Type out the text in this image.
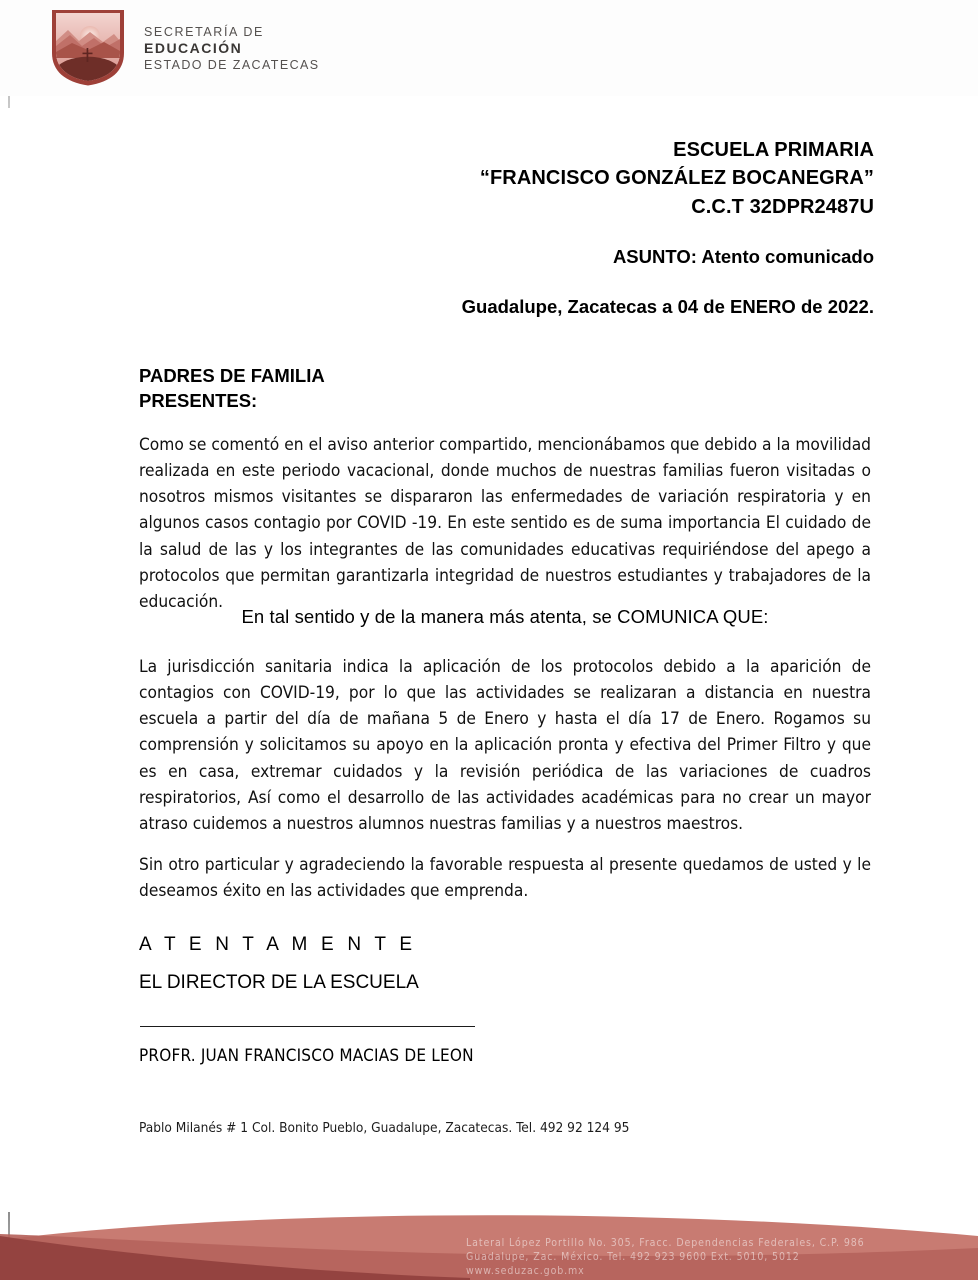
SECRETARÍA DE
EDUCACIÓN
ESTADO DE ZACATECAS
ESCUELA PRIMARIA
“FRANCISCO GONZÁLEZ BOCANEGRA”
C.C.T 32DPR2487U
ASUNTO: Atento comunicado
Guadalupe, Zacatecas a 04 de ENERO de 2022.
PADRES DE FAMILIA
PRESENTES:
Como se comentó en el aviso anterior compartido, mencionábamos que debido a la movilidad realizada en este periodo vacacional, donde muchos de nuestras familias fueron visitadas o nosotros mismos visitantes se dispararon las enfermedades de variación respiratoria y en algunos casos contagio por COVID -19. En este sentido es de suma importancia El cuidado de la salud de las y los integrantes de las comunidades educativas requiriéndose del apego a protocolos que permitan garantizarla integridad de nuestros estudiantes y trabajadores de la educación.
En tal sentido y de la manera más atenta, se COMUNICA QUE:
La jurisdicción sanitaria indica la aplicación de los protocolos debido a la aparición de contagios con COVID-19, por lo que las actividades se realizaran a distancia en nuestra escuela a partir del día de mañana 5 de Enero y hasta el día 17 de Enero. Rogamos su comprensión y solicitamos su apoyo en la aplicación pronta y efectiva del Primer Filtro y que es en casa, extremar cuidados y la revisión periódica de las variaciones de cuadros respiratorios, Así como el desarrollo de las actividades académicas para no crear un mayor atraso cuidemos a nuestros alumnos nuestras familias y a nuestros maestros.
Sin otro particular y agradeciendo la favorable respuesta al presente quedamos de usted y le deseamos éxito en las actividades que emprenda.
A T E N T A M E N T E
EL DIRECTOR DE LA ESCUELA
PROFR. JUAN FRANCISCO MACIAS DE LEON
Pablo Milanés # 1 Col. Bonito Pueblo, Guadalupe, Zacatecas. Tel. 492 92 124 95
Lateral López Portillo No. 305, Fracc. Dependencias Federales, C.P. 986
Guadalupe, Zac. México. Tel. 492 923 9600 Ext. 5010, 5012
www.seduzac.gob.mx
